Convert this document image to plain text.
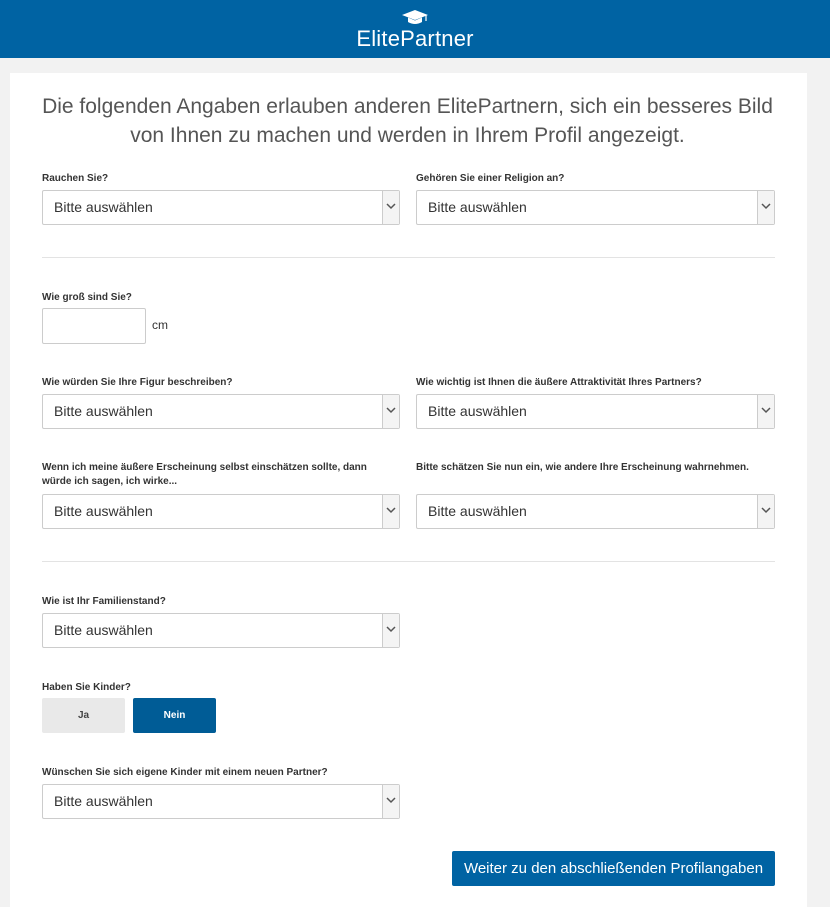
ElitePartner

Die folgenden Angaben erlauben anderen ElitePartnern, sich ein besseres Bild von Ihnen zu machen und werden in Ihrem Profil angezeigt.

Rauchen Sie?
Bitte auswählen
Gehören Sie einer Religion an?
Bitte auswählen
Wie groß sind Sie?
cm
Wie würden Sie Ihre Figur beschreiben?
Bitte auswählen
Wie wichtig ist Ihnen die äußere Attraktivität Ihres Partners?
Bitte auswählen
Wenn ich meine äußere Erscheinung selbst einschätzen sollte, dann würde ich sagen, ich wirke...
Bitte auswählen
Bitte schätzen Sie nun ein, wie andere Ihre Erscheinung wahrnehmen.
Bitte auswählen
Wie ist Ihr Familienstand?
Bitte auswählen
Haben Sie Kinder?
Ja	Nein
Wünschen Sie sich eigene Kinder mit einem neuen Partner?
Bitte auswählen
Weiter zu den abschließenden Profilangaben
